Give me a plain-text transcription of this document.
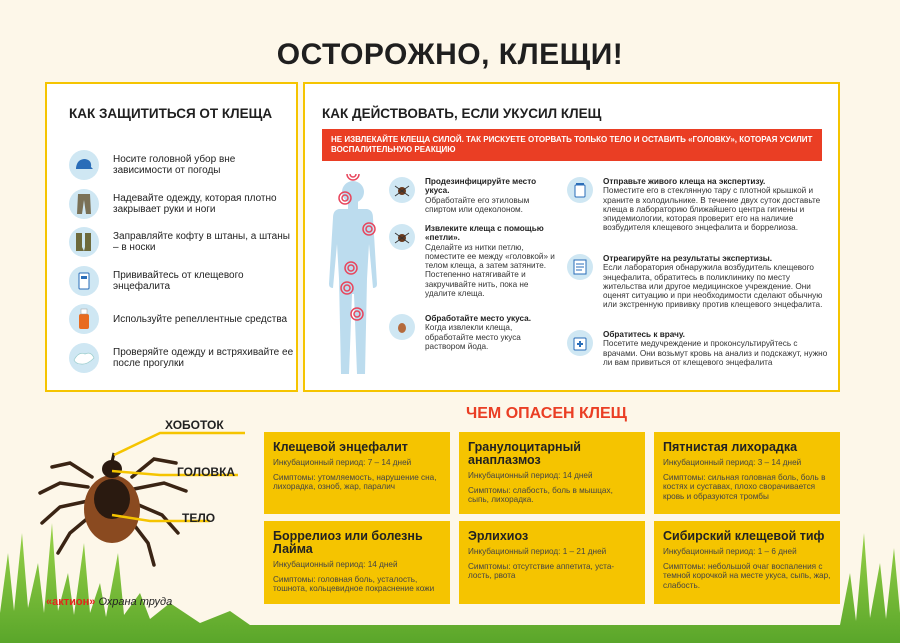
ОСТОРОЖНО, КЛЕЩИ!
КАК ЗАЩИТИТЬСЯ ОТ КЛЕЩА
Носите головной убор вне зависимости от погоды
Надевайте одежду, которая плотно закрывает руки и ноги
Заправляйте кофту в штаны, а штаны – в носки
Прививайтесь от клещевого энцефалита
Используйте репеллентные средства
Проверяйте одежду и встряхивайте ее после прогулки
КАК ДЕЙСТВОВАТЬ, ЕСЛИ УКУСИЛ КЛЕЩ
НЕ ИЗВЛЕКАЙТЕ КЛЕЩА СИЛОЙ. ТАК РИСКУЕТЕ ОТОРВАТЬ ТОЛЬКО ТЕЛО И ОСТАВИТЬ «ГОЛОВКУ», КОТОРАЯ УСИЛИТ ВОСПАЛИТЕЛЬНУЮ РЕАКЦИЮ
Продезинфицируйте место укуса.
Обработайте его этиловым спиртом или одеколоном.
Извлеките клеща с помощью «петли».
Сделайте из нитки петлю, поместите ее между «головкой» и телом клеща, а затем затяните. Постепенно натягивайте и закручивайте нить, пока не удалите клеща.
Обработайте место укуса.
Когда извлекли клеща, обработайте место укуса раствором йода.
Отправьте живого клеща на экспертизу.
Поместите его в стеклянную тару с плотной крышкой и храните в холодильнике. В течение двух суток доставьте клеща в лабораторию ближайшего центра гигиены и эпидемиологии, которая проверит его на наличие возбудителя клещевого энцефалита и боррелиоза.
Отреагируйте на результаты экспертизы.
Если лаборатория обнаружила возбудитель клещевого энцефалита, обратитесь в поликлинику по месту жительства или другое медицинское учреждение. Они оценят ситуацию и при необходимости сделают обычную или экстренную прививку против клещевого энцефалита.
Обратитесь к врачу.
Посетите медучреждение и проконсультируйтесь с врачами. Они возьмут кровь на анализ и подскажут, нужно ли вам привиться от клещевого энцефалита
ХОБОТОК
ГОЛОВКА
ТЕЛО
ЧЕМ ОПАСЕН КЛЕЩ
Клещевой энцефалит
Инкубационный период: 7 – 14 дней
Симптомы: утомляемость, нарушение сна, лихорадка, озноб, жар, паралич
Гранулоцитарный анаплазмоз
Инкубационный период: 14 дней
Симптомы: слабость, боль в мышцах, сыпь, лихорадка.
Пятнистая лихорадка
Инкубационный период: 3 – 14 дней
Симптомы: сильная головная боль, боль в костях и суставах, плохо сворачивается кровь и образуются тромбы
Боррелиоз или болезнь Лайма
Инкубационный период: 14 дней
Симптомы: головная боль, усталость, тошнота, кольцевидное покраснение кожи
Эрлихиоз
Инкубационный период: 1 – 21 дней
Симптомы: отсутствие аппетита, уста-лость, рвота
Сибирский клещевой тиф
Инкубационный период: 1 – 6 дней
Симптомы: небольшой очаг воспаления с темной корочкой на месте укуса, сыпь, жар, слабость.
«актион» Охрана труда
